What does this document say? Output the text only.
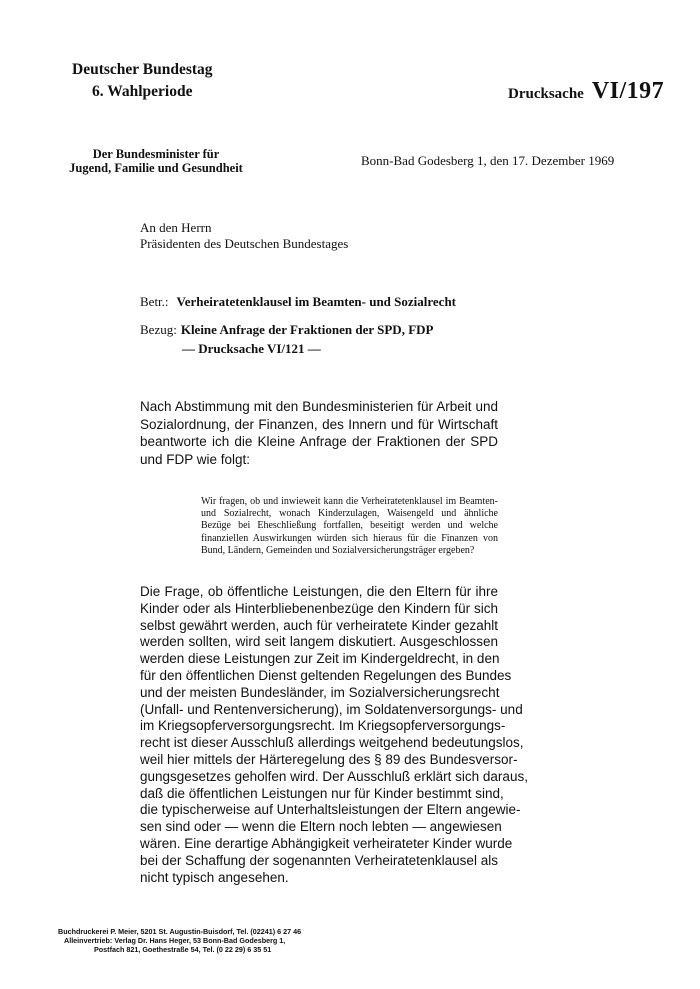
Deutscher Bundestag
6. Wahlperiode	Drucksache VI/197
Der Bundesminister für
Jugend, Familie und Gesundheit	Bonn-Bad Godesberg 1, den 17. Dezember 1969
An den Herrn
Präsidenten des Deutschen Bundestages
Betr.: Verheiratetenklausel im Beamten- und Sozialrecht
Bezug: Kleine Anfrage der Fraktionen der SPD, FDP
— Drucksache VI/121 —
Nach Abstimmung mit den Bundesministerien für Arbeit und Sozialordnung, der Finanzen, des Innern und für Wirtschaft beantworte ich die Kleine Anfrage der Fraktionen der SPD und FDP wie folgt:
Wir fragen, ob und inwieweit kann die Verheiratetenklausel im Beamten- und Sozialrecht, wonach Kinderzulagen, Waisengeld und ähnliche Bezüge bei Eheschließung fortfallen, beseitigt werden und welche finanziellen Auswirkungen würden sich hieraus für die Finanzen von Bund, Ländern, Gemeinden und Sozialversicherungsträger ergeben?
Die Frage, ob öffentliche Leistungen, die den Eltern für ihre
Kinder oder als Hinterbliebenenbezüge den Kindern für sich
selbst gewährt werden, auch für verheiratete Kinder gezahlt
werden sollten, wird seit langem diskutiert. Ausgeschlossen
werden diese Leistungen zur Zeit im Kindergeldrecht, in den
für den öffentlichen Dienst geltenden Regelungen des Bundes
und der meisten Bundesländer, im Sozialversicherungsrecht
(Unfall- und Rentenversicherung), im Soldatenversorgungs- und
im Kriegsopferversorgungsrecht. Im Kriegsopferversorgungs-
recht ist dieser Ausschluß allerdings weitgehend bedeutungslos,
weil hier mittels der Härteregelung des § 89 des Bundesversor-
gungsgesetzes geholfen wird. Der Ausschluß erklärt sich daraus,
daß die öffentlichen Leistungen nur für Kinder bestimmt sind,
die typischerweise auf Unterhaltsleistungen der Eltern angewie-
sen sind oder — wenn die Eltern noch lebten — angewiesen
wären. Eine derartige Abhängigkeit verheirateter Kinder wurde
bei der Schaffung der sogenannten Verheiratetenklausel als
nicht typisch angesehen.
Buchdruckerei P. Meier, 5201 St. Augustin-Buisdorf, Tel. (02241) 6 27 46
Alleinvertrieb: Verlag Dr. Hans Heger, 53 Bonn-Bad Godesberg 1,
Postfach 821, Goethestraße 54, Tel. (0 22 29) 6 35 51
